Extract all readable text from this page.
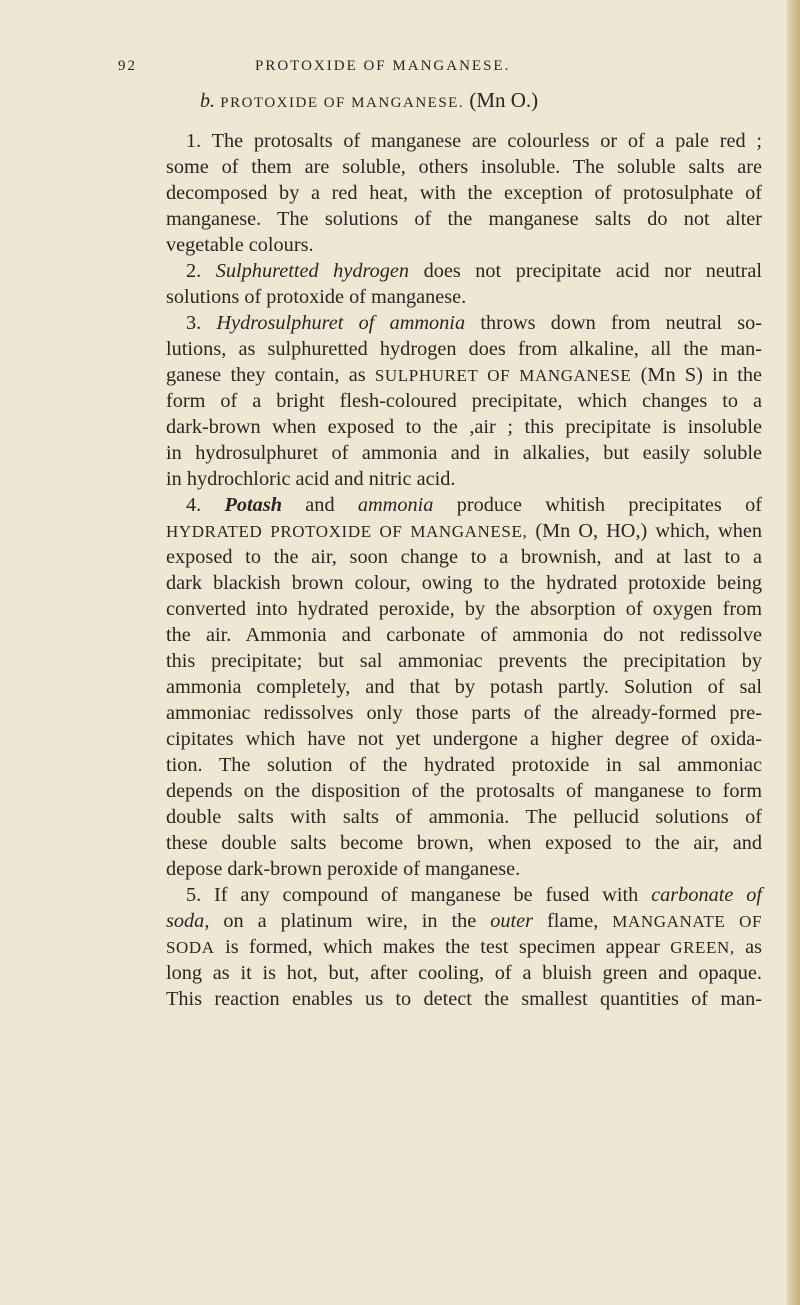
92	PROTOXIDE OF MANGANESE.
b. PROTOXIDE OF MANGANESE. (Mn O.)
1. The protosalts of manganese are colourless or of a pale red ;
some of them are soluble, others insoluble. The soluble salts are
decomposed by a red heat, with the exception of protosulphate of
manganese. The solutions of the manganese salts do not alter
vegetable colours.
2. Sulphuretted hydrogen does not precipitate acid nor neutral
solutions of protoxide of manganese.
3. Hydrosulphuret of ammonia throws down from neutral so-
lutions, as sulphuretted hydrogen does from alkaline, all the man-
ganese they contain, as SULPHURET OF MANGANESE (Mn S) in the
form of a bright flesh-coloured precipitate, which changes to a
dark-brown when exposed to the ,air ; this precipitate is insoluble
in hydrosulphuret of ammonia and in alkalies, but easily soluble
in hydrochloric acid and nitric acid.
4. Potash and ammonia produce whitish precipitates of
HYDRATED PROTOXIDE OF MANGANESE, (Mn O, HO,) which, when
exposed to the air, soon change to a brownish, and at last to a
dark blackish brown colour, owing to the hydrated protoxide being
converted into hydrated peroxide, by the absorption of oxygen from
the air. Ammonia and carbonate of ammonia do not redissolve
this precipitate; but sal ammoniac prevents the precipitation by
ammonia completely, and that by potash partly. Solution of sal
ammoniac redissolves only those parts of the already-formed pre-
cipitates which have not yet undergone a higher degree of oxida-
tion. The solution of the hydrated protoxide in sal ammoniac
depends on the disposition of the protosalts of manganese to form
double salts with salts of ammonia. The pellucid solutions of
these double salts become brown, when exposed to the air, and
depose dark-brown peroxide of manganese.
5. If any compound of manganese be fused with carbonate of
soda, on a platinum wire, in the outer flame, MANGANATE OF
SODA is formed, which makes the test specimen appear GREEN, as
long as it is hot, but, after cooling, of a bluish green and opaque.
This reaction enables us to detect the smallest quantities of man-
